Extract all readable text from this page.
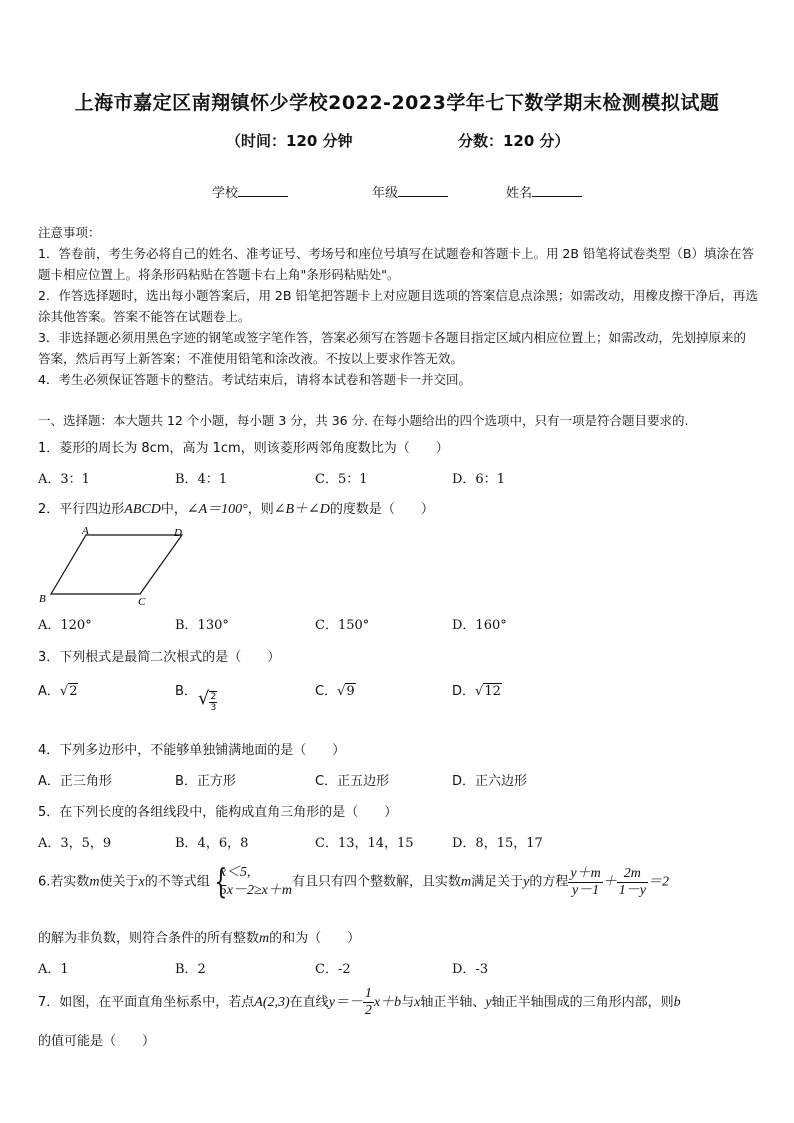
上海市嘉定区南翔镇怀少学校2022-2023学年七下数学期末检测模拟试题
（时间：120 分钟	分数：120 分）
学校	年级	姓名

注意事项：

1．答卷前，考生务必将自己的姓名、准考证号、考场号和座位号填写在试题卷和答题卡上。用 2B 铅笔将试卷类型（B）填涂在答题卡相应位置上。将条形码粘贴在答题卡右上角"条形码粘贴处"。

2．作答选择题时，选出每小题答案后，用 2B 铅笔把答题卡上对应题目选项的答案信息点涂黑；如需改动，用橡皮擦干净后，再选涂其他答案。答案不能答在试题卷上。

3．非选择题必须用黑色字迹的钢笔或签字笔作答，答案必须写在答题卡各题目指定区域内相应位置上；如需改动，先划掉原来的答案，然后再写上新答案；不准使用铅笔和涂改液。不按以上要求作答无效。

4．考生必须保证答题卡的整洁。考试结束后，请将本试卷和答题卡一并交回。

一、选择题：本大题共 12 个小题，每小题 3 分，共 36 分. 在每小题给出的四个选项中，只有一项是符合题目要求的.
1．菱形的周长为 8cm，高为 1cm，则该菱形两邻角度数比为（　　）
A．3：1	B．4：1	C．5：1	D．6：1
2．平行四边形ABCD中，∠A＝100°，则∠B＋∠D的度数是（　　）
A	D
B	C
A．120°	B．130°	C．150°	D．160°
3．下列根式是最简二次根式的是（　　）
A．√2	B． √ $\frac{2}{3}$	C．√9	D．√12
4．下列多边形中，不能够单独铺满地面的是（　　）
A．正三角形	B．正方形	C．正五边形	D．正六边形
5．在下列长度的各组线段中，能构成直角三角形的是（　　）
A．3，5，9	B．4，6，8	C．13，14，15	D．8，15，17
6.若实数m使关于x的不等式组 {
x＜5,
5x－2≥x＋m
有且只有四个整数解，且实数m满足关于y的方程 $\frac{y+m}{y-1} + \frac{2m}{1-y} =2$
的解为非负数，则符合条件的所有整数m的和为（　　）
A．1	B．2	C．-2	D．-3
7．如图，在平面直角坐标系中，若点A(2,3)在直线$y=- \frac{1}{2} x+b$与x轴正半轴、y轴正半轴围成的三角形内部，则b
的值可能是（　　）
